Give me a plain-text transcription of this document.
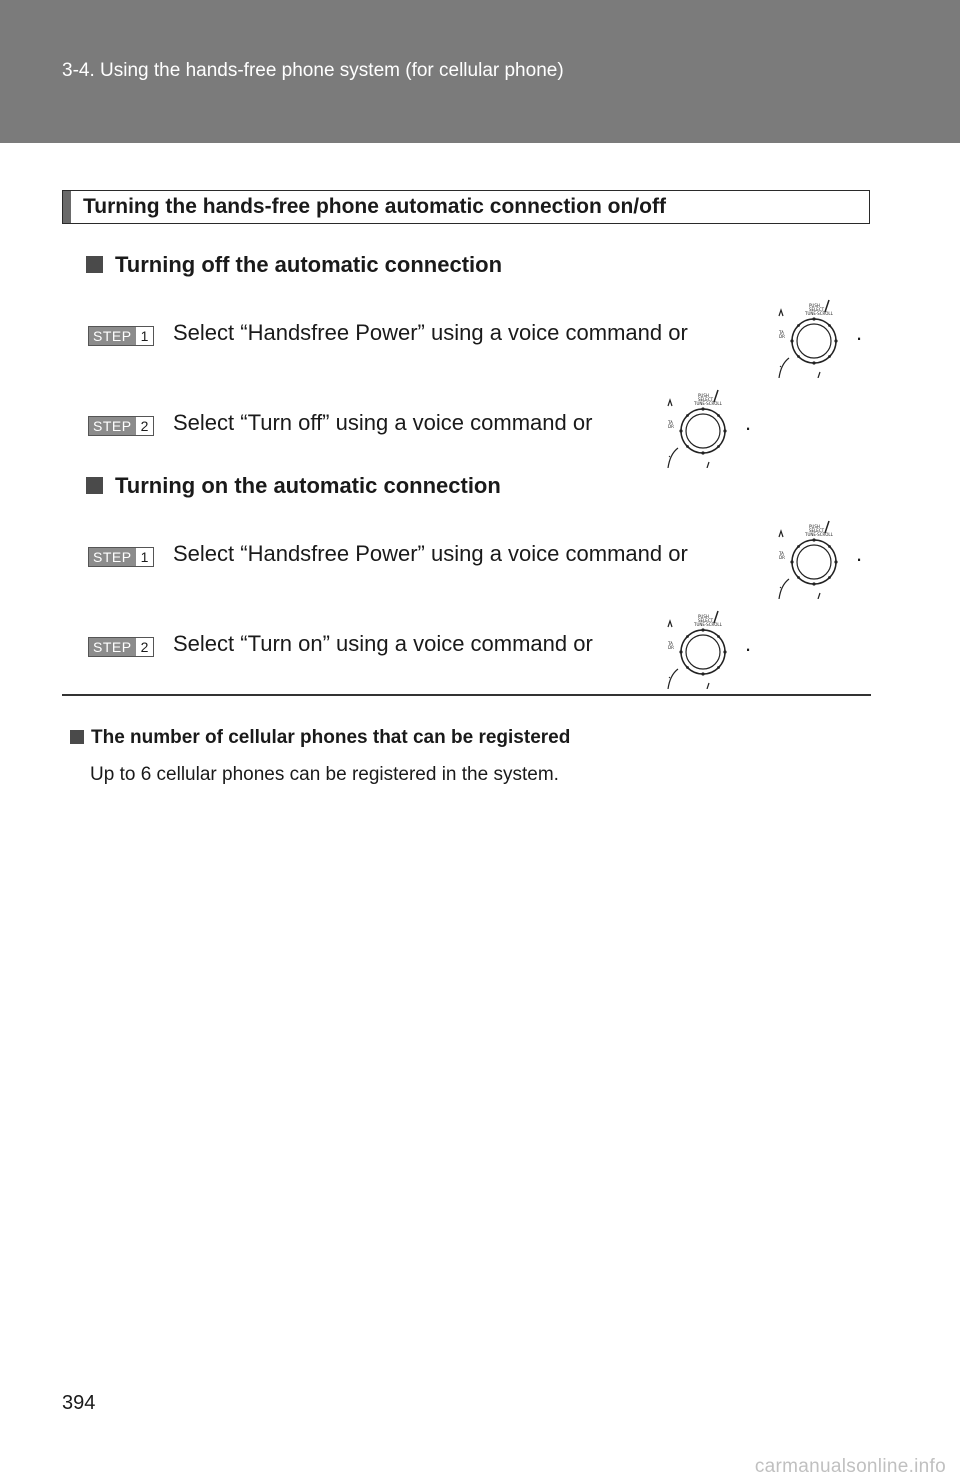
3-4. Using the hands-free phone system (for cellular phone)
Turning the hands-free phone automatic connection on/off
Turning off the automatic connection
STEP 1 Select “Handsfree Power” using a voice command or
PUSH
SELECT
TUNE·SCROLL
TA
DR	.
STEP 2 Select “Turn off” using a voice command or
PUSH
SELECT
TUNE·SCROLL
TA
DR	.
Turning on the automatic connection
STEP 1 Select “Handsfree Power” using a voice command or
PUSH
SELECT
TUNE·SCROLL
TA
DR	.
STEP 2 Select “Turn on” using a voice command or
PUSH
SELECT
TUNE·SCROLL
TA
DR	.
The number of cellular phones that can be registered
Up to 6 cellular phones can be registered in the system.
394
carmanualsonline.info
